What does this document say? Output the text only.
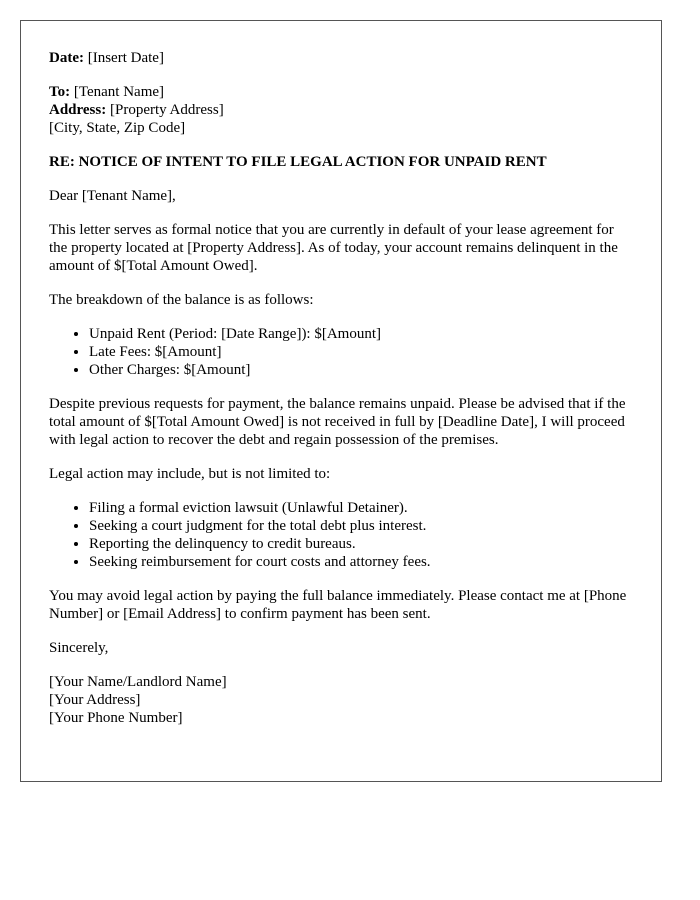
Date: [Insert Date]
To: [Tenant Name]
Address: [Property Address]
[City, State, Zip Code]
RE: NOTICE OF INTENT TO FILE LEGAL ACTION FOR UNPAID RENT

Dear [Tenant Name],

This letter serves as formal notice that you are currently in default of your lease agreement for the property located at [Property Address]. As of today, your account remains delinquent in the amount of $[Total Amount Owed].

The breakdown of the balance is as follows:

• Unpaid Rent (Period: [Date Range]): $[Amount]
• Late Fees: $[Amount]
• Other Charges: $[Amount]

Despite previous requests for payment, the balance remains unpaid. Please be advised that if the total amount of $[Total Amount Owed] is not received in full by [Deadline Date], I will proceed with legal action to recover the debt and regain possession of the premises.

Legal action may include, but is not limited to:

• Filing a formal eviction lawsuit (Unlawful Detainer).
• Seeking a court judgment for the total debt plus interest.
• Reporting the delinquency to credit bureaus.
• Seeking reimbursement for court costs and attorney fees.

You may avoid legal action by paying the full balance immediately. Please contact me at [Phone Number] or [Email Address] to confirm payment has been sent.

Sincerely,

[Your Name/Landlord Name]
[Your Address]
[Your Phone Number]
